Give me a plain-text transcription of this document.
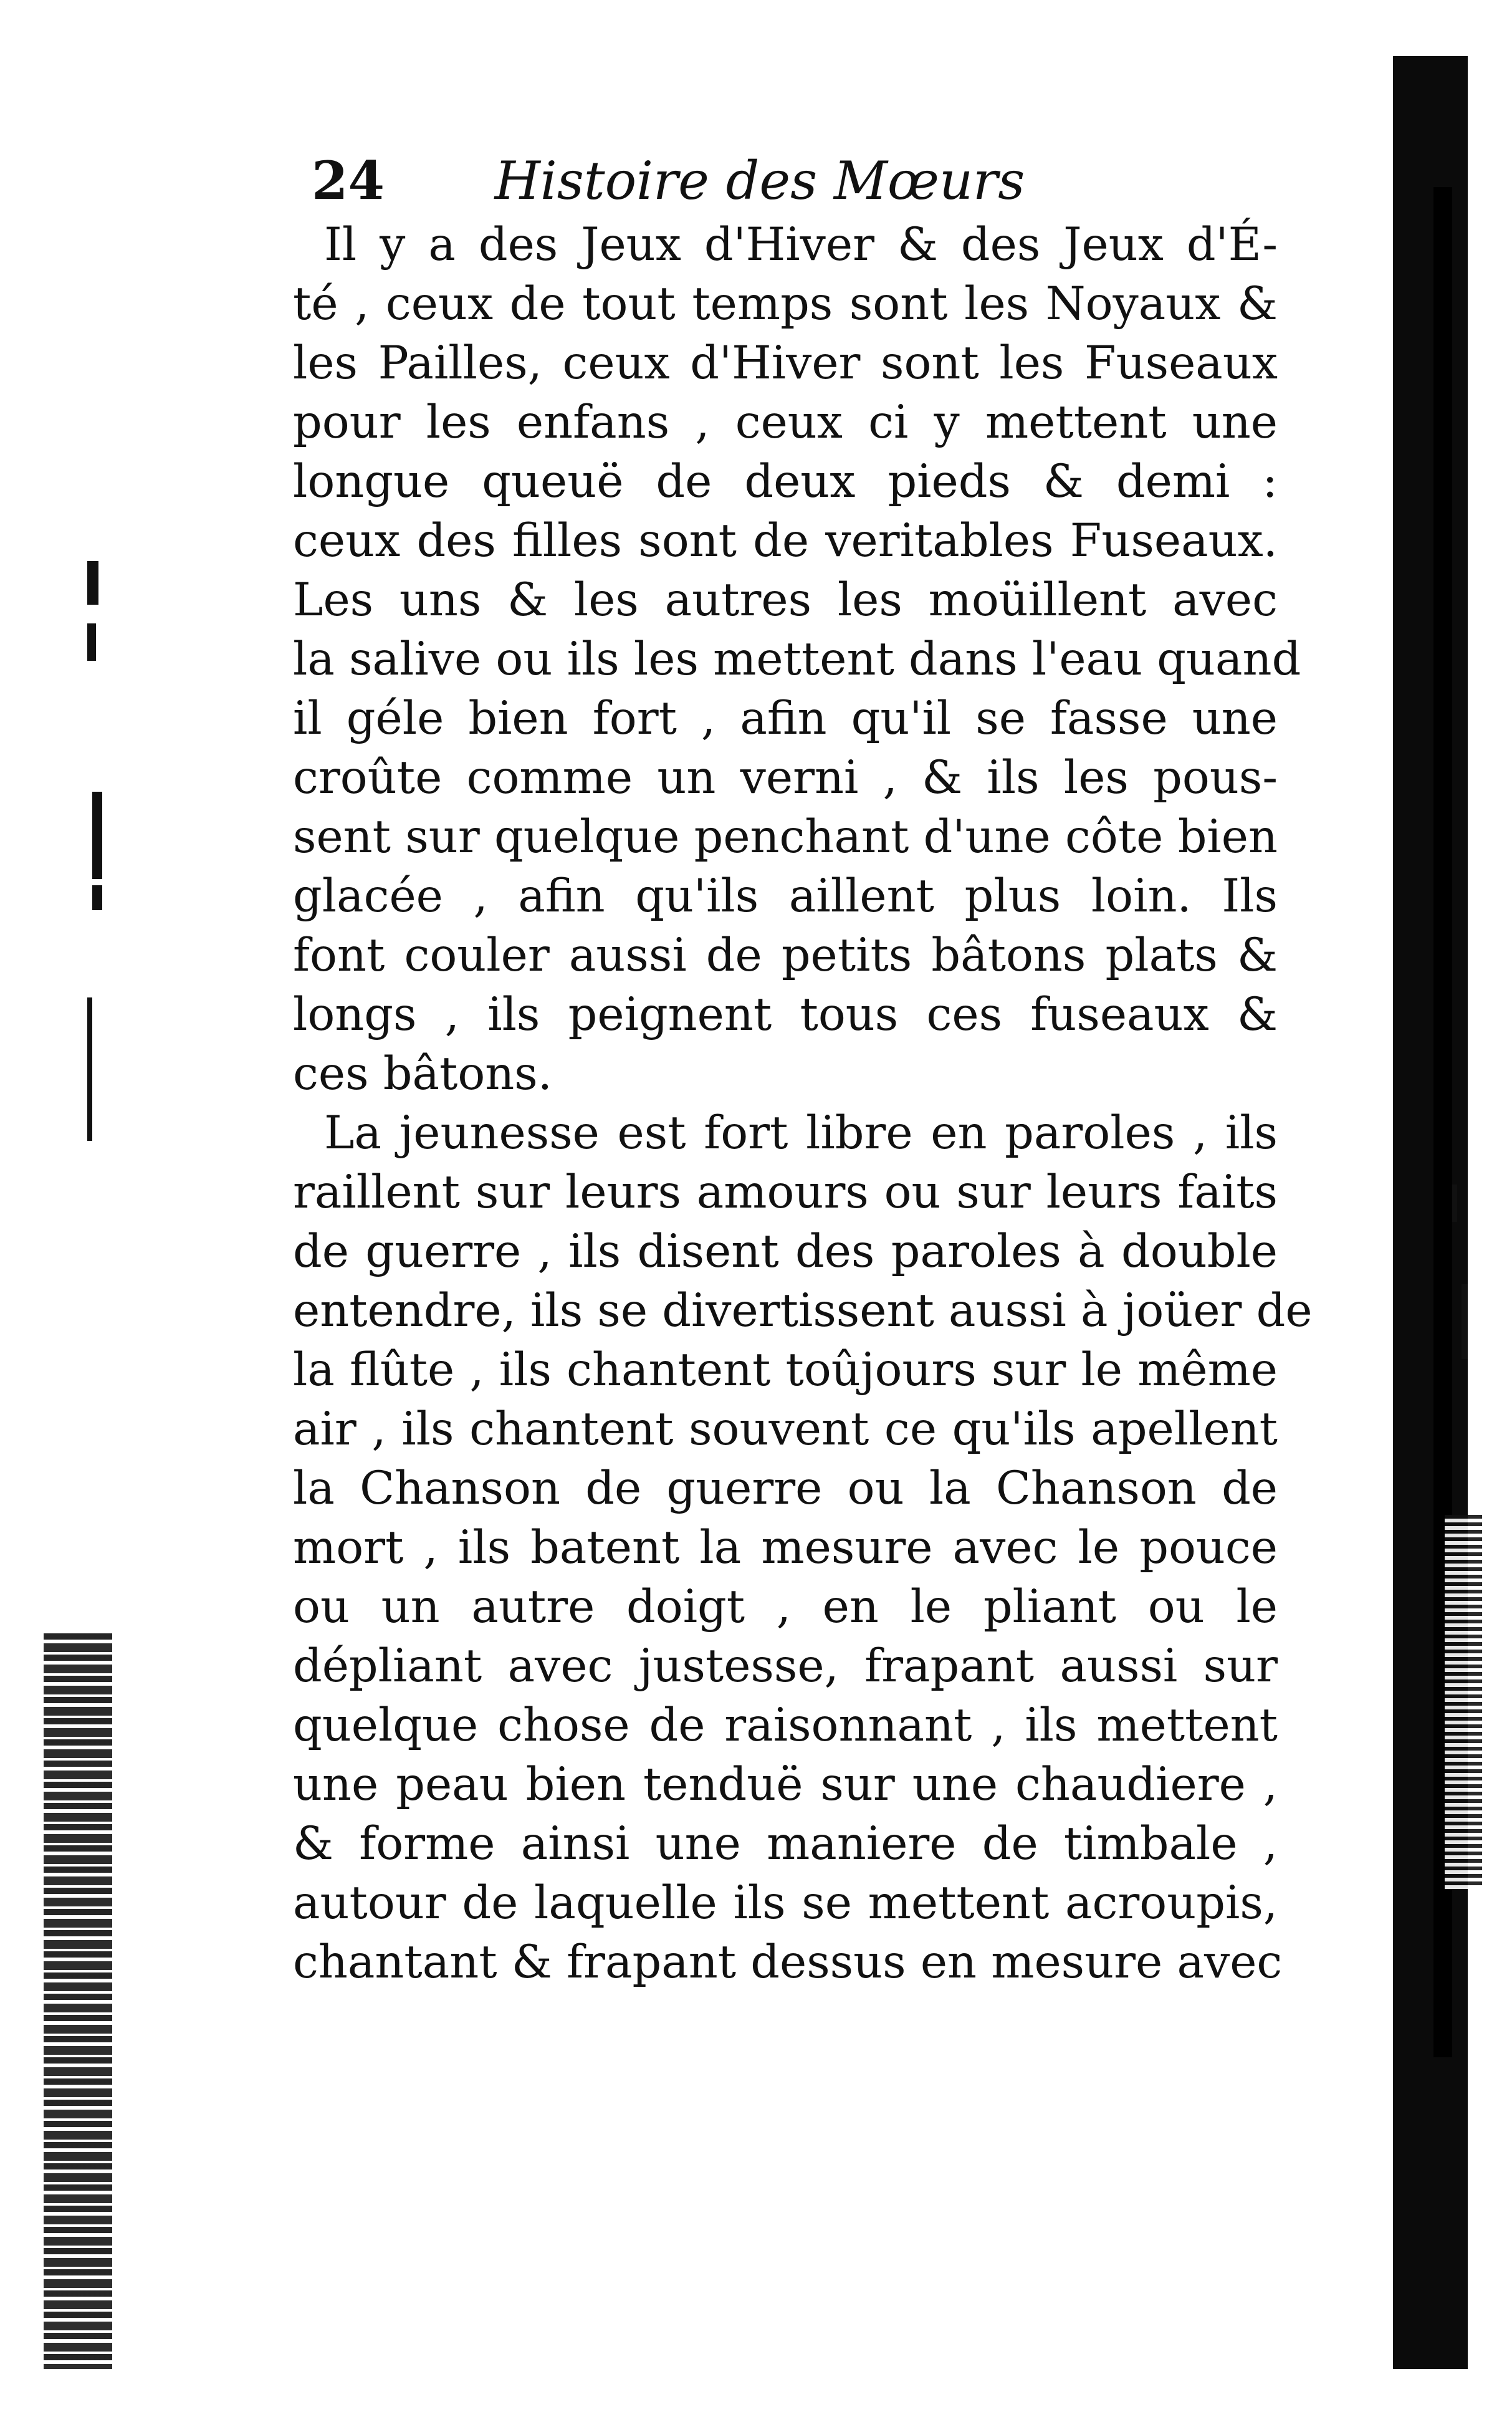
24 Histoire des Mœurs
Il y a des Jeux d'Hiver & des Jeux d'É-
té , ceux de tout temps sont les Noyaux &
les Pailles, ceux d'Hiver sont les Fuseaux
pour les enfans , ceux ci y mettent une
longue queuë de deux pieds & demi :
ceux des filles sont de veritables Fuseaux.
Les uns & les autres les moüillent avec
la salive ou ils les mettent dans l'eau quand
il géle bien fort , afin qu'il se fasse une
croûte comme un verni , & ils les pous-
sent sur quelque penchant d'une côte bien
glacée , afin qu'ils aillent plus loin. Ils
font couler aussi de petits bâtons plats &
longs , ils peignent tous ces fuseaux &
ces bâtons.
La jeunesse est fort libre en paroles , ils
raillent sur leurs amours ou sur leurs faits
de guerre , ils disent des paroles à double
entendre, ils se divertissent aussi à joüer de
la flûte , ils chantent toûjours sur le même
air , ils chantent souvent ce qu'ils apellent
la Chanson de guerre ou la Chanson de
mort , ils batent la mesure avec le pouce
ou un autre doigt , en le pliant ou le
dépliant avec justesse, frapant aussi sur
quelque chose de raisonnant , ils mettent
une peau bien tenduë sur une chaudiere ,
& forme ainsi une maniere de timbale ,
autour de laquelle ils se mettent acroupis,
chantant & frapant dessus en mesure avec
